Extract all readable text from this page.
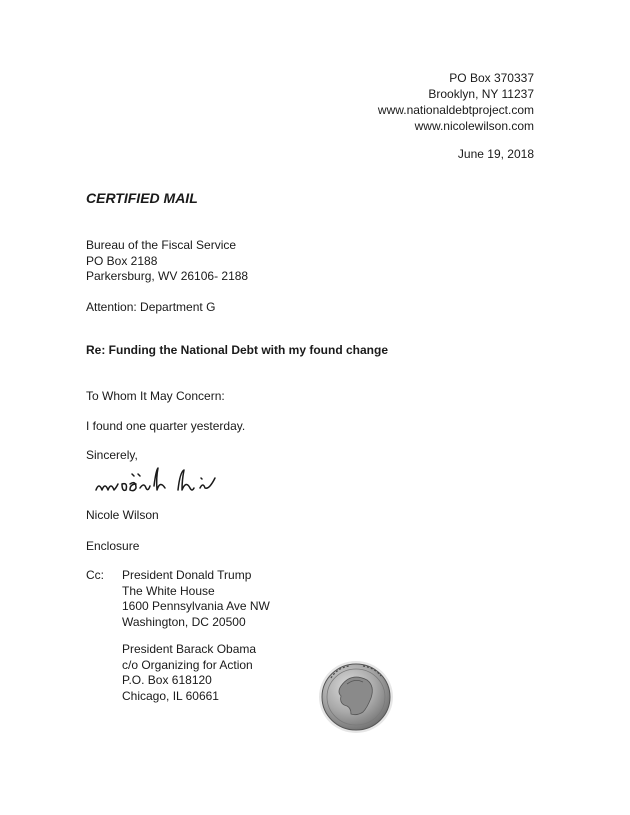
PO Box 370337
Brooklyn, NY 11237
www.nationaldebtproject.com
www.nicolewilson.com
June 19, 2018
CERTIFIED MAIL
Bureau of the Fiscal Service
PO Box 2188
Parkersburg, WV 26106- 2188
Attention: Department G
Re: Funding the National Debt with my found change
To Whom It May Concern:
I found one quarter yesterday.
Sincerely,
Nicole Wilson
Enclosure
Cc: President Donald Trump
The White House
1600 Pennsylvania Ave NW
Washington, DC 20500
President Barack Obama
c/o Organizing for Action
P.O. Box 618120
Chicago, IL 60661
